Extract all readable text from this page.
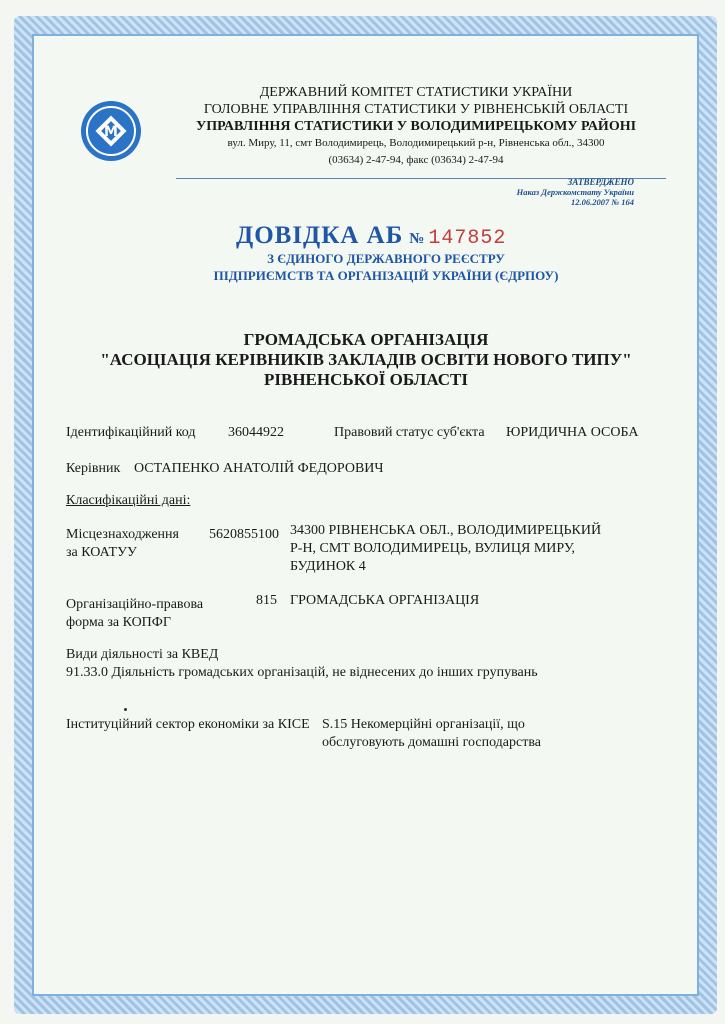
M
ДЕРЖАВНИЙ КОМІТЕТ СТАТИСТИКИ УКРАЇНИ
ГОЛОВНЕ УПРАВЛІННЯ СТАТИСТИКИ У РІВНЕНСЬКІЙ ОБЛАСТІ
УПРАВЛІННЯ СТАТИСТИКИ У ВОЛОДИМИРЕЦЬКОМУ РАЙОНІ
вул. Миру, 11, смт Володимирець, Володимирецький р-н, Рівненська обл., 34300
(03634) 2-47-94, факс (03634) 2-47-94
ЗАТВЕРДЖЕНО
Наказ Держкомстату України
12.06.2007 № 164
ДОВІДКА АБ № 147852
З ЄДИНОГО ДЕРЖАВНОГО РЕЄСТРУ
ПІДПРИЄМСТВ ТА ОРГАНІЗАЦІЙ УКРАЇНИ (ЄДРПОУ)
ГРОМАДСЬКА ОРГАНІЗАЦІЯ
"АСОЦІАЦІЯ КЕРІВНИКІВ ЗАКЛАДІВ ОСВІТИ НОВОГО ТИПУ"
РІВНЕНСЬКОЇ ОБЛАСТІ
Ідентифікаційний код 36044922	Правовий статус суб'єкта ЮРИДИЧНА ОСОБА
Керівник ОСТАПЕНКО АНАТОЛІЙ ФЕДОРОВИЧ
Класифікаційні дані:
Місцезнаходження
за КОАТУУ
5620855100 34300 РІВНЕНСЬКА ОБЛ., ВОЛОДИМИРЕЦЬКИЙ
Р-Н, СМТ ВОЛОДИМИРЕЦЬ, ВУЛИЦЯ МИРУ,
БУДИНОК 4
Організаційно-правова
форма за КОПФГ
815 ГРОМАДСЬКА ОРГАНІЗАЦІЯ
Види діяльності за КВЕД
91.33.0 Діяльність громадських організацій, не віднесених до інших групувань
Інституційний сектор економіки за КІСЕ S.15 Некомерційні організації, що
обслуговують домашні господарства
